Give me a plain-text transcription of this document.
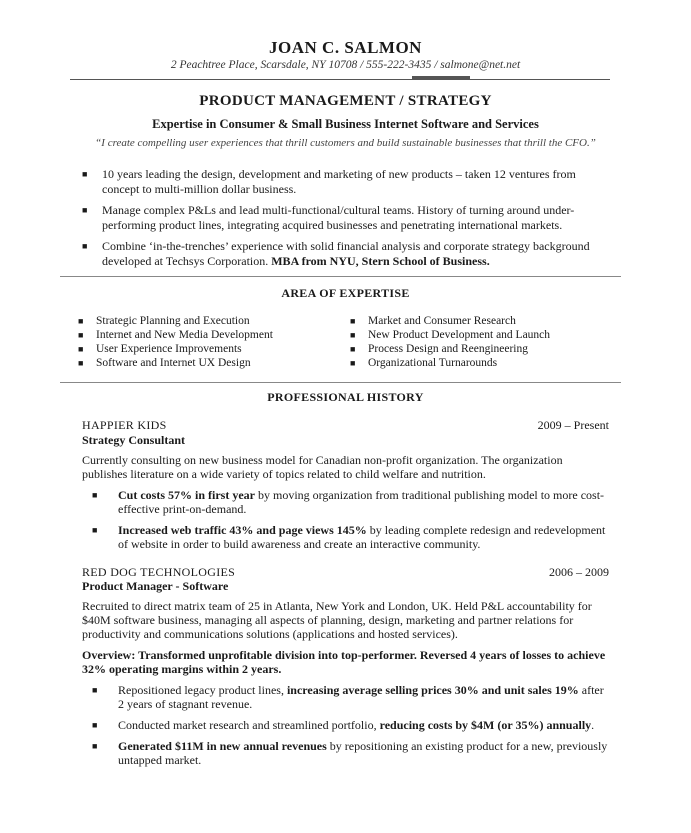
JOAN C. SALMON
2 Peachtree Place, Scarsdale, NY 10708 / 555-222-3435 / salmone@net.net
PRODUCT MANAGEMENT / STRATEGY
Expertise in Consumer & Small Business Internet Software and Services
“I create compelling user experiences that thrill customers and build sustainable businesses that thrill the CFO.”
■ 10 years leading the design, development and marketing of new products – taken 12 ventures from concept to multi-million dollar business.
■ Manage complex P&Ls and lead multi-functional/cultural teams. History of turning around under-performing product lines, integrating acquired businesses and penetrating international markets.
■ Combine ‘in-the-trenches’ experience with solid financial analysis and corporate strategy background developed at Techsys Corporation. MBA from NYU, Stern School of Business.
AREA OF EXPERTISE
■ Strategic Planning and Execution
■ Internet and New Media Development
■ User Experience Improvements
■ Software and Internet UX Design
■ Market and Consumer Research
■ New Product Development and Launch
■ Process Design and Reengineering
■ Organizational Turnarounds
PROFESSIONAL HISTORY
HAPPIER KIDS	2009 – Present
Strategy Consultant
Currently consulting on new business model for Canadian non-profit organization. The organization publishes literature on a wide variety of topics related to child welfare and nutrition.
■ Cut costs 57% in first year by moving organization from traditional publishing model to more cost-effective print-on-demand.
■ Increased web traffic 43% and page views 145% by leading complete redesign and redevelopment of website in order to build awareness and create an interactive community.
RED DOG TECHNOLOGIES	2006 – 2009
Product Manager - Software
Recruited to direct matrix team of 25 in Atlanta, New York and London, UK. Held P&L accountability for $40M software business, managing all aspects of planning, design, marketing and partner relations for productivity and communications solutions (applications and hosted services).
Overview: Transformed unprofitable division into top-performer. Reversed 4 years of losses to achieve 32% operating margins within 2 years.
■ Repositioned legacy product lines, increasing average selling prices 30% and unit sales 19% after 2 years of stagnant revenue.
■ Conducted market research and streamlined portfolio, reducing costs by $4M (or 35%) annually.
■ Generated $11M in new annual revenues by repositioning an existing product for a new, previously untapped market.
